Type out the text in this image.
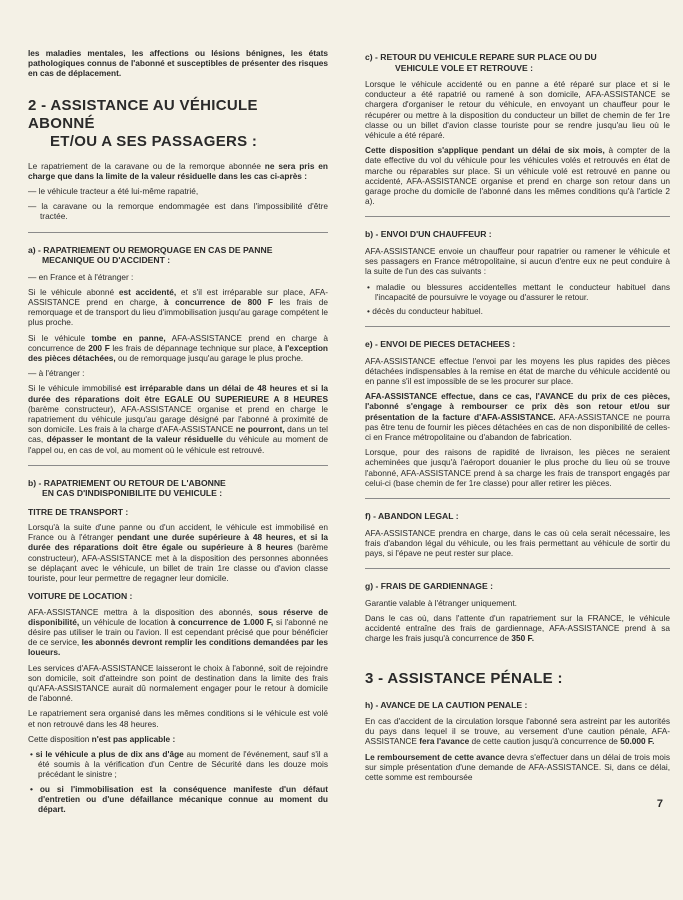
les maladies mentales, les affections ou lésions bénignes, les états pathologiques connus de l'abonné et susceptibles de présenter des risques en cas de déplacement.

2 - ASSISTANCE AU VÉHICULE ABONNÉ
ET/OU A SES PASSAGERS :

Le rapatriement de la caravane ou de la remorque abonnée ne sera pris en charge que dans la limite de la valeur résiduelle dans les cas ci-après :

— le véhicule tracteur a été lui-même rapatrié,

— la caravane ou la remorque endommagée est dans l'impossibilité d'être tractée.

a) - RAPATRIEMENT OU REMORQUAGE EN CAS DE PANNE
MECANIQUE OU D'ACCIDENT :

— en France et à l'étranger :

Si le véhicule abonné est accidenté, et s'il est irréparable sur place, AFA-ASSISTANCE prend en charge, à concurrence de 800 F les frais de remorquage et de transport du lieu d'immobilisation jusqu'au garage compétent le plus proche.

Si le véhicule tombe en panne, AFA-ASSISTANCE prend en charge à concurrence de 200 F les frais de dépannage technique sur place, à l'exception des pièces détachées, ou de remorquage jusqu'au garage le plus proche.

— à l'étranger :

Si le véhicule immobilisé est irréparable dans un délai de 48 heures et si la durée des réparations doit être EGALE OU SUPERIEURE A 8 HEURES (barème constructeur), AFA-ASSISTANCE organise et prend en charge le rapatriement du véhicule jusqu'au garage désigné par l'abonné à proximité de son domicile. Les frais à la charge d'AFA-ASSISTANCE ne pourront, dans un tel cas, dépasser le montant de la valeur résiduelle du véhicule au moment de l'appel ou, en cas de vol, au moment où le véhicule est retrouvé.

b) - RAPATRIEMENT OU RETOUR DE L'ABONNE
EN CAS D'INDISPONIBILITE DU VEHICULE :
TITRE DE TRANSPORT :

Lorsqu'à la suite d'une panne ou d'un accident, le véhicule est immobilisé en France ou à l'étranger pendant une durée supérieure à 48 heures, et si la durée des réparations doit être égale ou supérieure à 8 heures (barème constructeur), AFA-ASSISTANCE met à la disposition des personnes abonnées se déplaçant avec le véhicule, un billet de train 1re classe ou d'avion classe touriste, pour leur permettre de regagner leur domicile.

VOITURE DE LOCATION :

AFA-ASSISTANCE mettra à la disposition des abonnés, sous réserve de disponibilité, un véhicule de location à concurrence de 1.000 F, si l'abonné ne désire pas utiliser le train ou l'avion. Il est cependant précisé que pour bénéficier de ce service, les abonnés devront remplir les conditions demandées par les loueurs.

Les services d'AFA-ASSISTANCE laisseront le choix à l'abonné, soit de rejoindre son domicile, soit d'atteindre son point de destination dans la limite des frais qu'AFA-ASSISTANCE aurait dû normalement engager pour le retour à domicile de l'abonné.

Le rapatriement sera organisé dans les mêmes conditions si le véhicule est volé et non retrouvé dans les 48 heures.

Cette disposition n'est pas applicable :

• si le véhicule a plus de dix ans d'âge au moment de l'événement, sauf s'il a été soumis à la vérification d'un Centre de Sécurité dans les douze mois précédant le sinistre ;

• ou si l'immobilisation est la conséquence manifeste d'un défaut d'entretien ou d'une défaillance mécanique connue au moment du départ.

c) - RETOUR DU VEHICULE REPARE SUR PLACE OU DU
VEHICULE VOLE ET RETROUVE :

Lorsque le véhicule accidenté ou en panne a été réparé sur place et si le conducteur a été rapatrié ou ramené à son domicile, AFA-ASSISTANCE se chargera d'organiser le retour du véhicule, en envoyant un chauffeur pour le récupérer ou mettre à la disposition du conducteur un billet de chemin de fer 1re classe ou un billet d'avion classe touriste pour se rendre jusqu'au lieu où le véhicule a été réparé.

Cette disposition s'applique pendant un délai de six mois, à compter de la date effective du vol du véhicule pour les véhicules volés et retrouvés en état de marche ou réparables sur place. Si un véhicule volé est retrouvé en panne ou accidenté, AFA-ASSISTANCE organise et prend en charge son retour dans un garage proche du domicile de l'abonné dans les mêmes conditions qu'à l'article 2 a).

b) - ENVOI D'UN CHAUFFEUR :

AFA-ASSISTANCE envoie un chauffeur pour rapatrier ou ramener le véhicule et ses passagers en France métropolitaine, si aucun d'entre eux ne peut conduire à la suite de l'un des cas suivants :

• maladie ou blessures accidentelles mettant le conducteur habituel dans l'incapacité de poursuivre le voyage ou d'assurer le retour.

• décès du conducteur habituel.

e) - ENVOI DE PIECES DETACHEES :

AFA-ASSISTANCE effectue l'envoi par les moyens les plus rapides des pièces détachées indispensables à la remise en état de marche du véhicule accidenté ou en panne s'il est impossible de se les procurer sur place.

AFA-ASSISTANCE effectue, dans ce cas, l'AVANCE du prix de ces pièces, l'abonné s'engage à rembourser ce prix dès son retour et/ou sur présentation de la facture d'AFA-ASSISTANCE. AFA-ASSISTANCE ne pourra pas être tenu de fournir les pièces détachées en cas de non disponibilité de celles-ci en France métropolitaine ou d'abandon de fabrication.

Lorsque, pour des raisons de rapidité de livraison, les pièces ne seraient acheminées que jusqu'à l'aéroport douanier le plus proche du lieu où se trouve l'abonné, AFA-ASSISTANCE prend à sa charge les frais de transport engagés par celui-ci (base chemin de fer 1re classe) pour aller retirer les pièces.

f) - ABANDON LEGAL :

AFA-ASSISTANCE prendra en charge, dans le cas où cela serait nécessaire, les frais d'abandon légal du véhicule, ou les frais permettant au véhicule de sortir du pays, si l'épave ne peut rester sur place.

g) - FRAIS DE GARDIENNAGE :

Garantie valable à l'étranger uniquement.

Dans le cas où, dans l'attente d'un rapatriement sur la FRANCE, le véhicule accidenté entraîne des frais de gardiennage, AFA-ASSISTANCE prend à sa charge les frais jusqu'à concurrence de 350 F.

3 - ASSISTANCE PÉNALE :
h) - AVANCE DE LA CAUTION PENALE :

En cas d'accident de la circulation lorsque l'abonné sera astreint par les autorités du pays dans lequel il se trouve, au versement d'une caution pénale, AFA-ASSISTANCE fera l'avance de cette caution jusqu'à concurrence de 50.000 F.

Le remboursement de cette avance devra s'effectuer dans un délai de trois mois sur simple présentation d'une demande de AFA-ASSISTANCE. Si, dans ce délai, cette somme est remboursée

7
